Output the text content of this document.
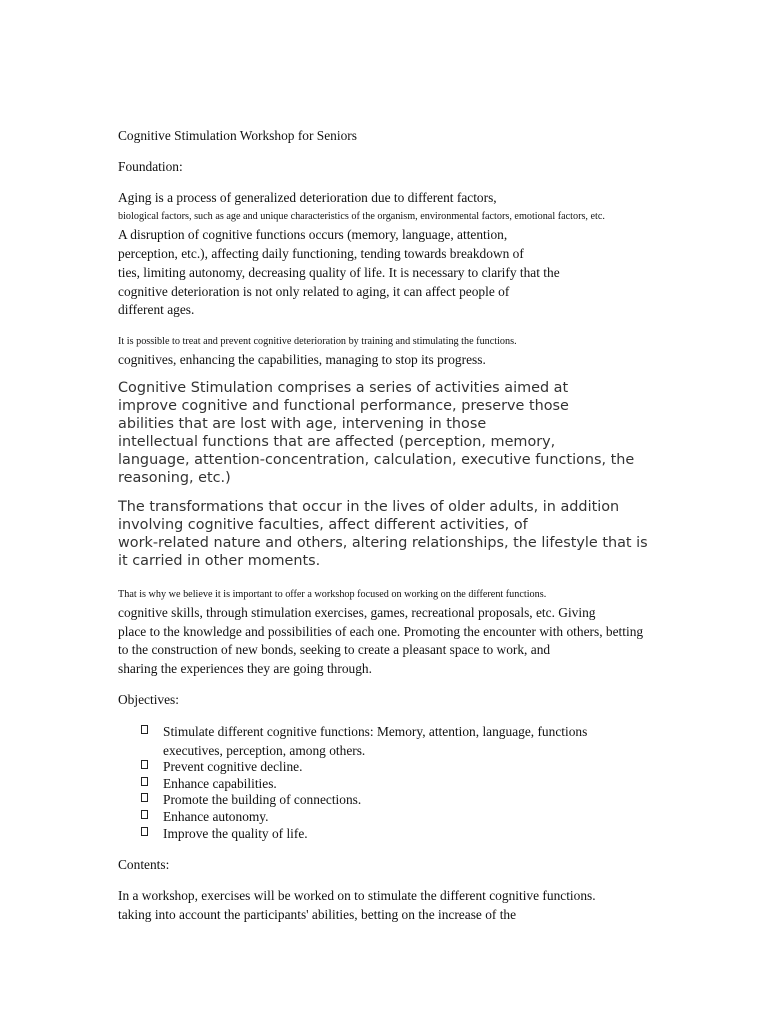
Cognitive Stimulation Workshop for Seniors
Foundation:
Aging is a process of generalized deterioration due to different factors,
biological factors, such as age and unique characteristics of the organism, environmental factors, emotional factors, etc.
A disruption of cognitive functions occurs (memory, language, attention,
perception, etc.), affecting daily functioning, tending towards breakdown of
ties, limiting autonomy, decreasing quality of life. It is necessary to clarify that the
cognitive deterioration is not only related to aging, it can affect people of
different ages.
It is possible to treat and prevent cognitive deterioration by training and stimulating the functions.
cognitives, enhancing the capabilities, managing to stop its progress.
Cognitive Stimulation comprises a series of activities aimed at
improve cognitive and functional performance, preserve those
abilities that are lost with age, intervening in those
intellectual functions that are affected (perception, memory,
language, attention-concentration, calculation, executive functions, the
reasoning, etc.)
The transformations that occur in the lives of older adults, in addition
involving cognitive faculties, affect different activities, of
work-related nature and others, altering relationships, the lifestyle that is
it carried in other moments.
That is why we believe it is important to offer a workshop focused on working on the different functions.
cognitive skills, through stimulation exercises, games, recreational proposals, etc. Giving
place to the knowledge and possibilities of each one. Promoting the encounter with others, betting
to the construction of new bonds, seeking to create a pleasant space to work, and
sharing the experiences they are going through.
Objectives:
Stimulate different cognitive functions: Memory, attention, language, functions
executives, perception, among others.
Prevent cognitive decline.
Enhance capabilities.
Promote the building of connections.
Enhance autonomy.
Improve the quality of life.
Contents:
In a workshop, exercises will be worked on to stimulate the different cognitive functions.
taking into account the participants' abilities, betting on the increase of the
